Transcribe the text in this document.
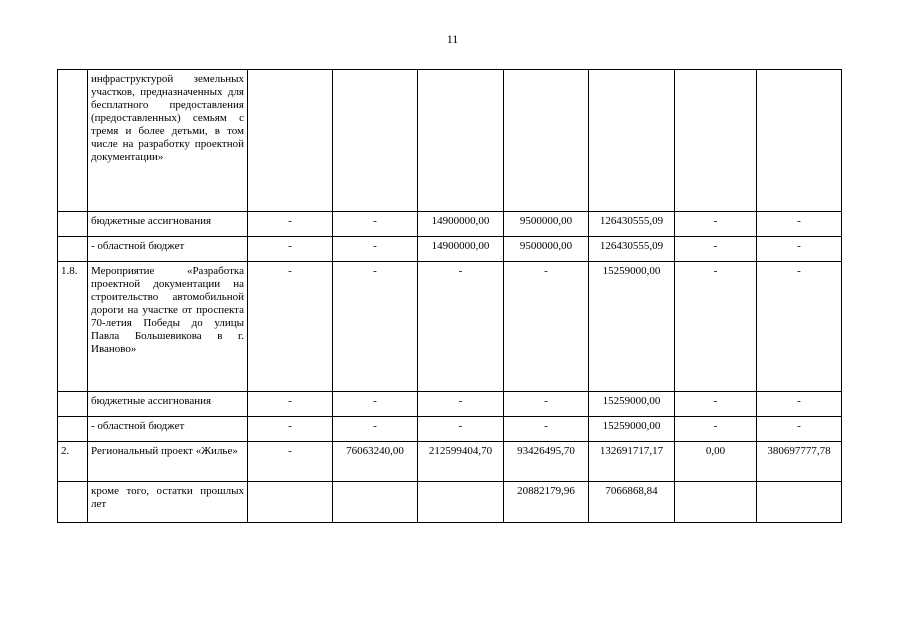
11
	инфраструктурой земельных участков, предназначенных для бесплатного предоставления (предоставленных) семьям с тремя и более детьми, в том числе на разработку проектной документации»							
	бюджетные ассигнования	-	-	14900000,00	9500000,00	126430555,09	-	-
	- областной бюджет	-	-	14900000,00	9500000,00	126430555,09	-	-
1.8.	Мероприятие «Разработка проектной документации на строительство автомобильной дороги на участке от проспекта 70-летия Победы до улицы Павла Большевикова в г. Иваново»	-	-	-	-	15259000,00	-	-
	бюджетные ассигнования	-	-	-	-	15259000,00	-	-
	- областной бюджет	-	-	-	-	15259000,00	-	-
2.	Региональный проект «Жилье»	-	76063240,00	212599404,70	93426495,70	132691717,17	0,00	380697777,78
	кроме того, остатки прошлых лет				20882179,96	7066868,84		
